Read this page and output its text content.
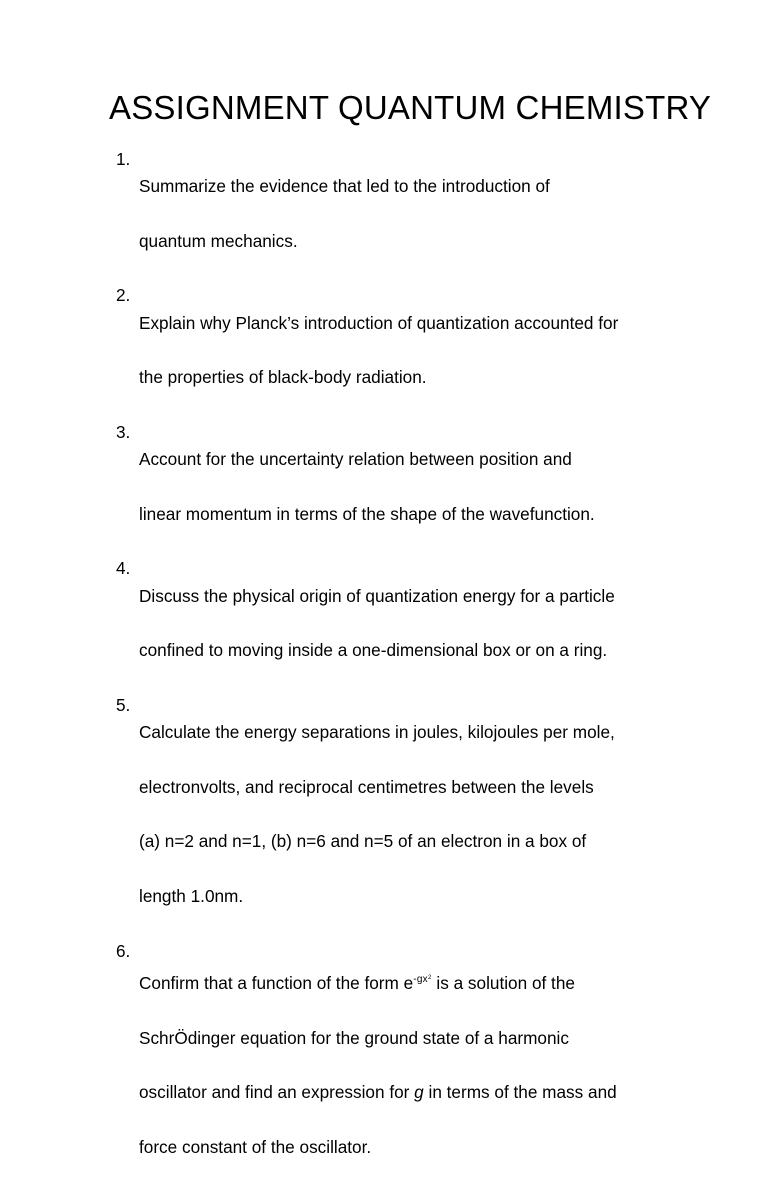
ASSIGNMENT QUANTUM CHEMISTRY
1.

Summarize the evidence that led to the introduction of

quantum mechanics.

2.

Explain why Planck’s introduction of quantization accounted for

the properties of black-body radiation.

3.

Account for the uncertainty relation between position and

linear momentum in terms of the shape of the wavefunction.

4.

Discuss the physical origin of quantization energy for a particle

confined to moving inside a one-dimensional box or on a ring.

5.

Calculate the energy separations in joules, kilojoules per mole,

electronvolts, and reciprocal centimetres between the levels

(a) n=2 and n=1, (b) n=6 and n=5 of an electron in a box of

length 1.0nm.

6.

Confirm that a function of the form $e^{-gx^2}$ is a solution of the

SchrÖdinger equation for the ground state of a harmonic

oscillator and find an expression for g in terms of the mass and

force constant of the oscillator.
